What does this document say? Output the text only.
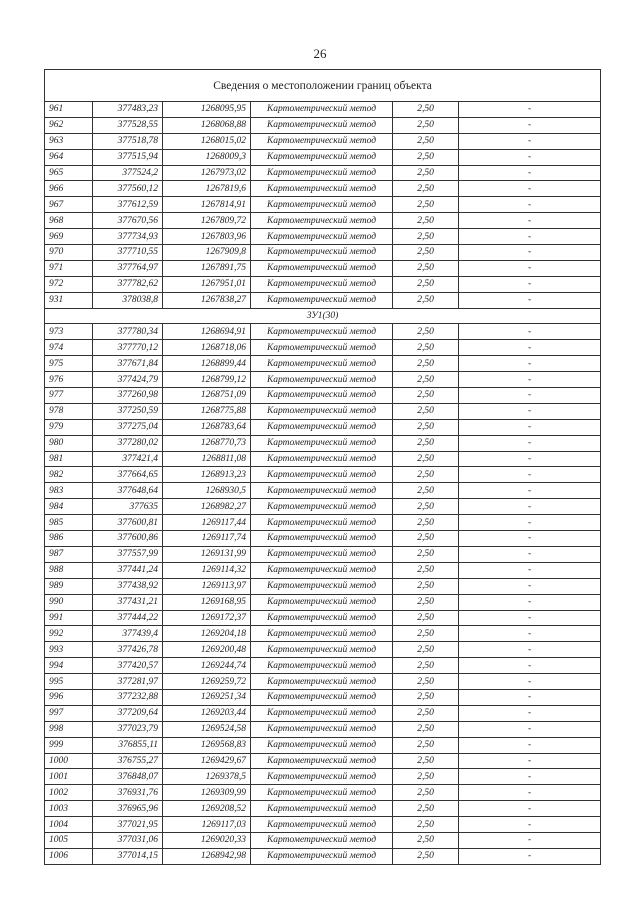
26
Сведения о местоположении границ объекта					
961	377483,23	1268095,95	Картометрический метод	2,50	-
962	377528,55	1268068,88	Картометрический метод	2,50	-
963	377518,78	1268015,02	Картометрический метод	2,50	-
964	377515,94	1268009,3	Картометрический метод	2,50	-
965	377524,2	1267973,02	Картометрический метод	2,50	-
966	377560,12	1267819,6	Картометрический метод	2,50	-
967	377612,59	1267814,91	Картометрический метод	2,50	-
968	377670,56	1267809,72	Картометрический метод	2,50	-
969	377734,93	1267803,96	Картометрический метод	2,50	-
970	377710,55	1267909,8	Картометрический метод	2,50	-
971	377764,97	1267891,75	Картометрический метод	2,50	-
972	377782,62	1267951,01	Картометрический метод	2,50	-
931	378038,8	1267838,27	Картометрический метод	2,50	-
ЗУ1(30)					
973	377780,34	1268694,91	Картометрический метод	2,50	-
974	377770,12	1268718,06	Картометрический метод	2,50	-
975	377671,84	1268899,44	Картометрический метод	2,50	-
976	377424,79	1268799,12	Картометрический метод	2,50	-
977	377260,98	1268751,09	Картометрический метод	2,50	-
978	377250,59	1268775,88	Картометрический метод	2,50	-
979	377275,04	1268783,64	Картометрический метод	2,50	-
980	377280,02	1268770,73	Картометрический метод	2,50	-
981	377421,4	1268811,08	Картометрический метод	2,50	-
982	377664,65	1268913,23	Картометрический метод	2,50	-
983	377648,64	1268930,5	Картометрический метод	2,50	-
984	377635	1268982,27	Картометрический метод	2,50	-
985	377600,81	1269117,44	Картометрический метод	2,50	-
986	377600,86	1269117,74	Картометрический метод	2,50	-
987	377557,99	1269131,99	Картометрический метод	2,50	-
988	377441,24	1269114,32	Картометрический метод	2,50	-
989	377438,92	1269113,97	Картометрический метод	2,50	-
990	377431,21	1269168,95	Картометрический метод	2,50	-
991	377444,22	1269172,37	Картометрический метод	2,50	-
992	377439,4	1269204,18	Картометрический метод	2,50	-
993	377426,78	1269200,48	Картометрический метод	2,50	-
994	377420,57	1269244,74	Картометрический метод	2,50	-
995	377281,97	1269259,72	Картометрический метод	2,50	-
996	377232,88	1269251,34	Картометрический метод	2,50	-
997	377209,64	1269203,44	Картометрический метод	2,50	-
998	377023,79	1269524,58	Картометрический метод	2,50	-
999	376855,11	1269568,83	Картометрический метод	2,50	-
1000	376755,27	1269429,67	Картометрический метод	2,50	-
1001	376848,07	1269378,5	Картометрический метод	2,50	-
1002	376931,76	1269309,99	Картометрический метод	2,50	-
1003	376965,96	1269208,52	Картометрический метод	2,50	-
1004	377021,95	1269117,03	Картометрический метод	2,50	-
1005	377031,06	1269020,33	Картометрический метод	2,50	-
1006	377014,15	1268942,98	Картометрический метод	2,50	-
